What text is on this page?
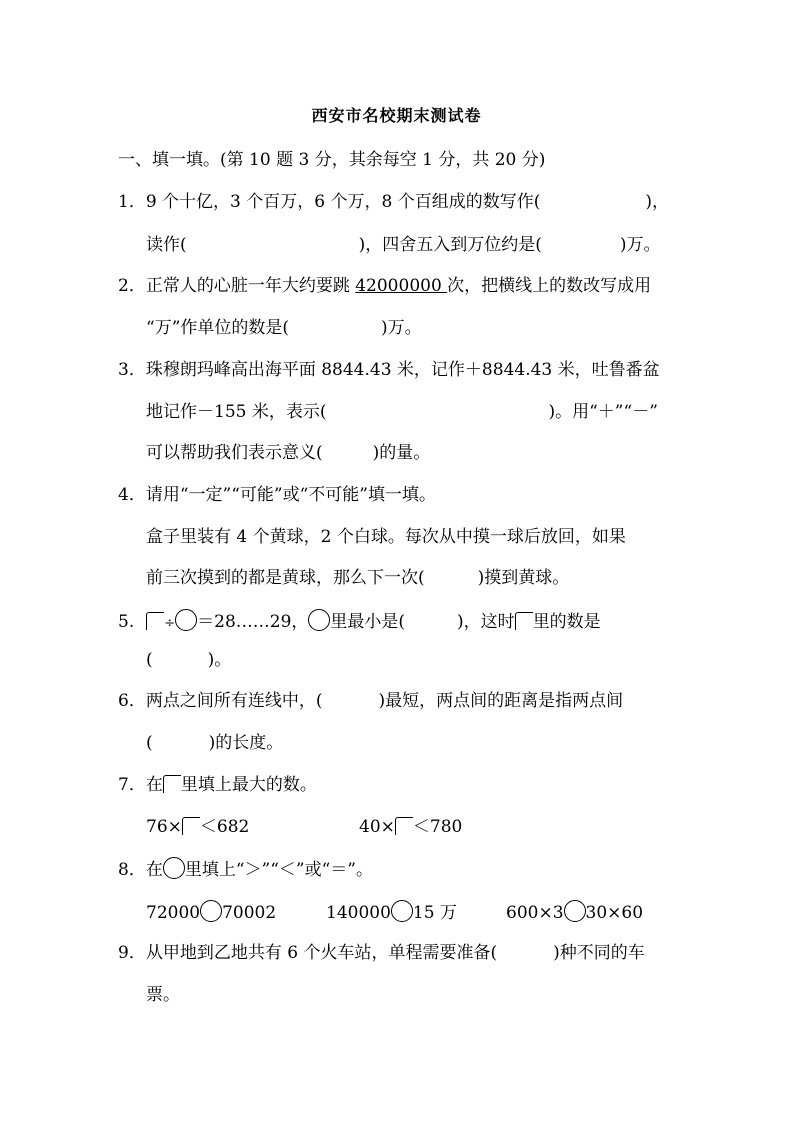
西安市名校期末测试卷
一、填一填。(第 10 题 3 分，其余每空 1 分，共 20 分)
1．9 个十亿，3 个百万，6 个万，8 个百组成的数写作(	)，
读作(	)，四舍五入到万位约是(	)万。
2．正常人的心脏一年大约要跳 42000000 次，把横线上的数改写成用
“万”作单位的数是(	)万。
3．珠穆朗玛峰高出海平面 8844.43 米，记作＋8844.43 米，吐鲁番盆
地记作－155 米，表示(	)。用“＋”“－”
可以帮助我们表示意义(	)的量。
4．请用“一定”“可能”或“不可能”填一填。
盒子里装有 4 个黄球，2 个白球。每次从中摸一球后放回，如果
前三次摸到的都是黄球，那么下一次(	)摸到黄球。
5. ÷ ＝28……29， 里最小是(	)，这时 里的数是
(	)。
6．两点之间所有连线中，(	)最短，两点间的距离是指两点间
(	)的长度。
7．在 里填上最大的数。
76× ＜682	40× ＜780
8．在 里填上“＞”“＜”或“＝”。
72000 70002	140000 15 万	600×3 30×60
9．从甲地到乙地共有 6 个火车站，单程需要准备(	)种不同的车
票。
